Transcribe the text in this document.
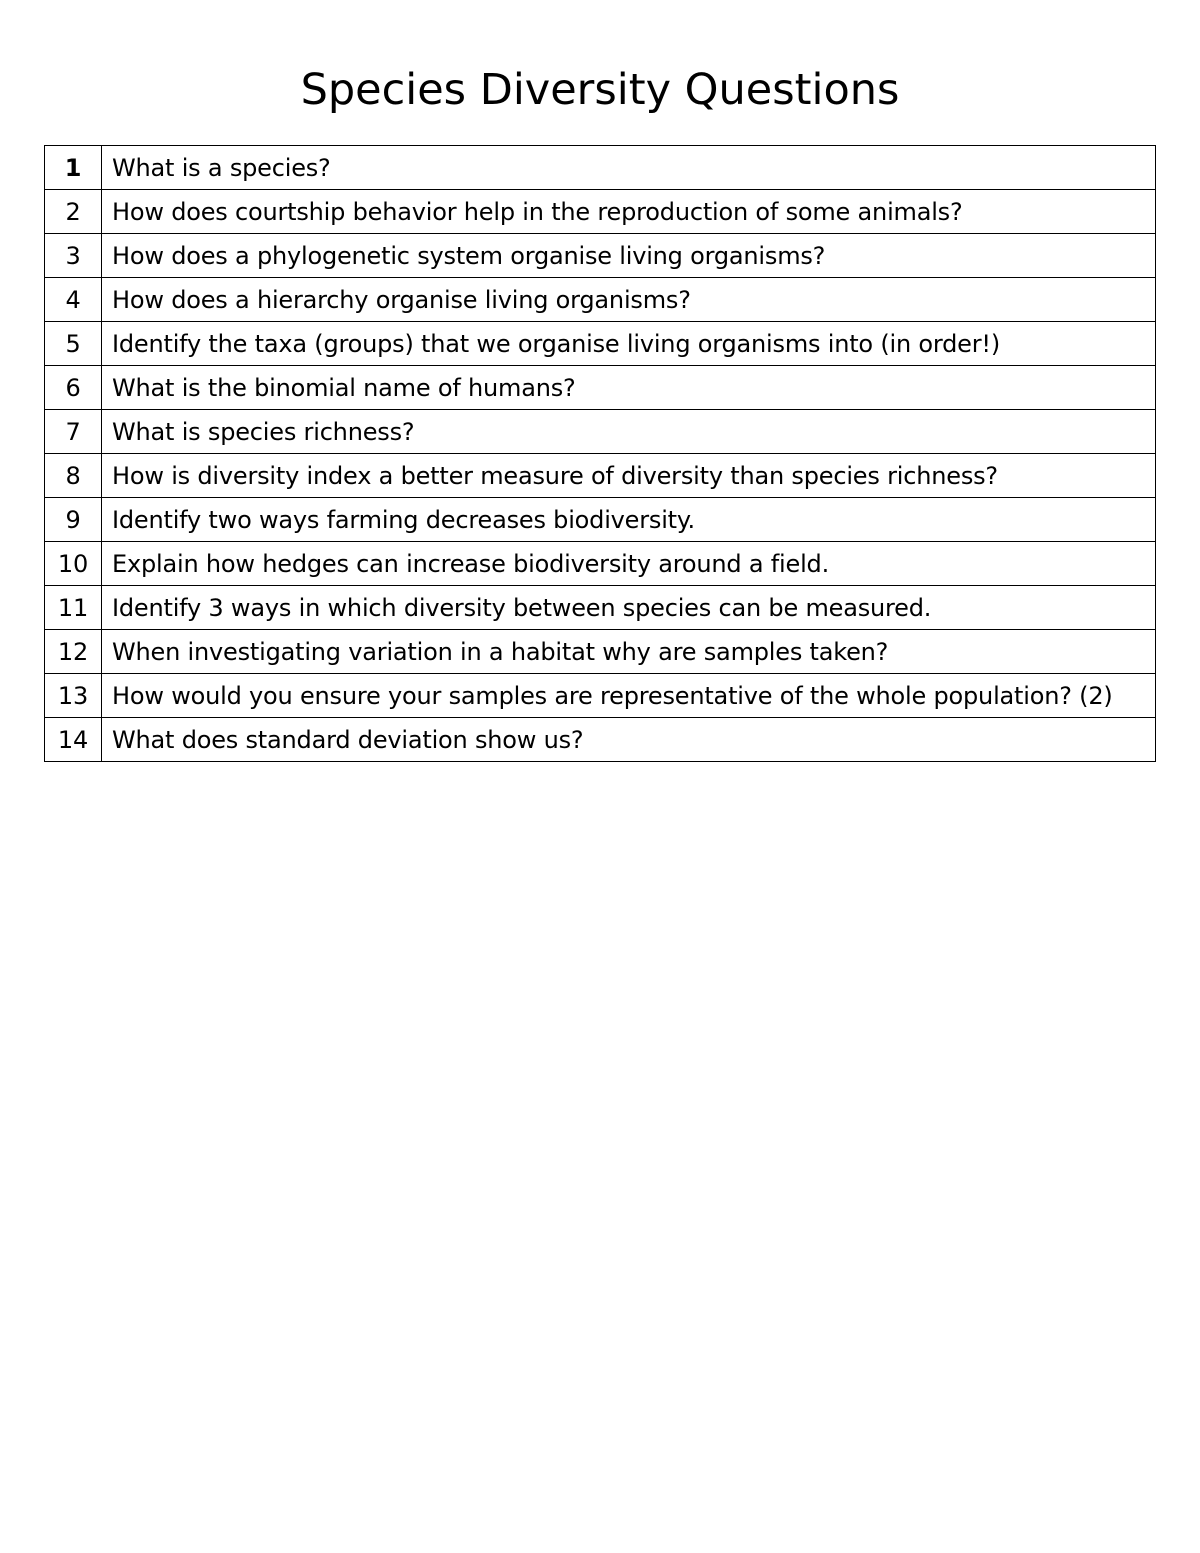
Species Diversity Questions
1	What is a species?
2	How does courtship behavior help in the reproduction of some animals?
3	How does a phylogenetic system organise living organisms?
4	How does a hierarchy organise living organisms?
5	Identify the taxa (groups) that we organise living organisms into (in order!)
6	What is the binomial name of humans?
7	What is species richness?
8	How is diversity index a better measure of diversity than species richness?
9	Identify two ways farming decreases biodiversity.
10	Explain how hedges can increase biodiversity around a field.
11	Identify 3 ways in which diversity between species can be measured.
12	When investigating variation in a habitat why are samples taken?
13	How would you ensure your samples are representative of the whole population? (2)
14	What does standard deviation show us?
